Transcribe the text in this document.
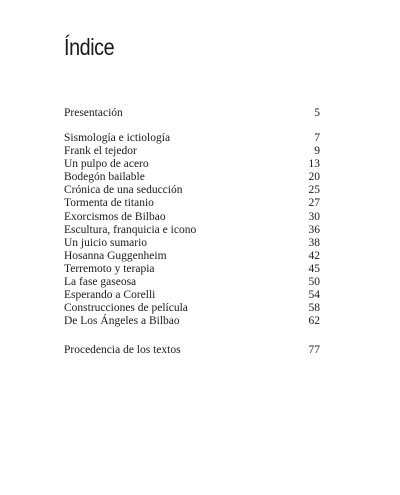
Índice
Presentación	5
Sismología e ictiología	7
Frank el tejedor	9
Un pulpo de acero	13
Bodegón bailable	20
Crónica de una seducción	25
Tormenta de titanio	27
Exorcismos de Bilbao	30
Escultura, franquicia e icono	36
Un juicio sumario	38
Hosanna Guggenheim	42
Terremoto y terapia	45
La fase gaseosa	50
Esperando a Corelli	54
Construcciones de película	58
De Los Ángeles a Bilbao	62
Procedencia de los textos	77
